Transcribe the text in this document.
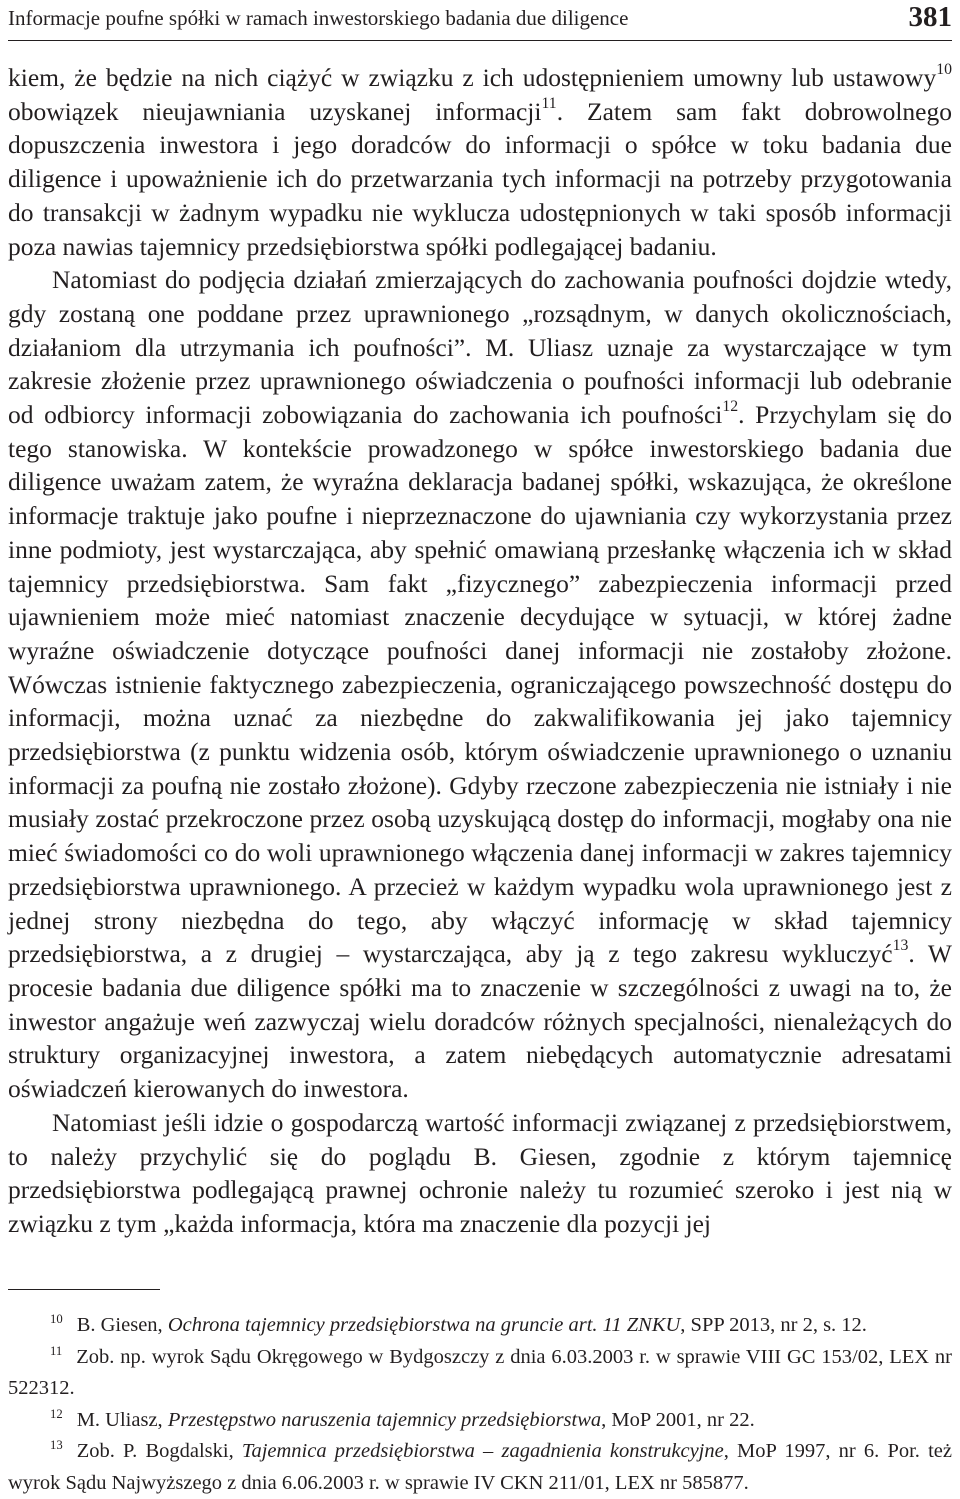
Informacje poufne spółki w ramach inwestorskiego badania due diligence	381

kiem, że będzie na nich ciążyć w związku z ich udostępnieniem umowny lub ustawowy$^{10}$ obowiązek nieujawniania uzyskanej informacji$^{11}$. Zatem sam fakt dobrowolnego dopuszczenia inwestora i jego doradców do informacji o spółce w toku badania due diligence i upoważnienie ich do przetwarzania tych informacji na potrzeby przygotowania do transakcji w żadnym wypadku nie wyklucza udostępnionych w taki sposób informacji poza nawias tajemnicy przedsiębiorstwa spółki podlegającej badaniu.

Natomiast do podjęcia działań zmierzających do zachowania poufności dojdzie wtedy, gdy zostaną one poddane przez uprawnionego „rozsądnym, w danych okolicznościach, działaniom dla utrzymania ich poufności”. M. Uliasz uznaje za wystarczające w tym zakresie złożenie przez uprawnionego oświadczenia o poufności informacji lub odebranie od odbiorcy informacji zobowiązania do zachowania ich poufności$^{12}$. Przychylam się do tego stanowiska. W kontekście prowadzonego w spółce inwestorskiego badania due diligence uważam zatem, że wyraźna deklaracja badanej spółki, wskazująca, że określone informacje traktuje jako poufne i nieprzeznaczone do ujawniania czy wykorzystania przez inne podmioty, jest wystarczająca, aby spełnić omawianą przesłankę włączenia ich w skład tajemnicy przedsiębiorstwa. Sam fakt „fizycznego” zabezpieczenia informacji przed ujawnieniem może mieć natomiast znaczenie decydujące w sytuacji, w której żadne wyraźne oświadczenie dotyczące poufności danej informacji nie zostałoby złożone. Wówczas istnienie faktycznego zabezpieczenia, ograniczającego powszechność dostępu do informacji, można uznać za niezbędne do zakwalifikowania jej jako tajemnicy przedsiębiorstwa (z punktu widzenia osób, którym oświadczenie uprawnionego o uznaniu informacji za poufną nie zostało złożone). Gdyby rzeczone zabezpieczenia nie istniały i nie musiały zostać przekroczone przez osobą uzyskującą dostęp do informacji, mogłaby ona nie mieć świadomości co do woli uprawnionego włączenia danej informacji w zakres tajemnicy przedsiębiorstwa uprawnionego. A przecież w każdym wypadku wola uprawnionego jest z jednej strony niezbędna do tego, aby włączyć informację w skład tajemnicy przedsiębiorstwa, a z drugiej – wystarczająca, aby ją z tego zakresu wykluczyć$^{13}$. W procesie badania due diligence spółki ma to znaczenie w szczególności z uwagi na to, że inwestor angażuje weń zazwyczaj wielu doradców różnych specjalności, nienależących do struktury organizacyjnej inwestora, a zatem niebędących automatycznie adresatami oświadczeń kierowanych do inwestora.

Natomiast jeśli idzie o gospodarczą wartość informacji związanej z przedsiębiorstwem, to należy przychylić się do poglądu B. Giesen, zgodnie z którym tajemnicę przedsiębiorstwa podlegającą prawnej ochronie należy tu rozumieć szeroko i jest nią w związku z tym „każda informacja, która ma znaczenie dla pozycji jej

$^{10}$ B. Giesen, Ochrona tajemnicy przedsiębiorstwa na gruncie art. 11 ZNKU, SPP 2013, nr 2, s. 12.

$^{11}$ Zob. np. wyrok Sądu Okręgowego w Bydgoszczy z dnia 6.03.2003 r. w sprawie VIII GC 153/02, LEX nr 522312.

$^{12}$ M. Uliasz, Przestępstwo naruszenia tajemnicy przedsiębiorstwa, MoP 2001, nr 22.

$^{13}$ Zob. P. Bogdalski, Tajemnica przedsiębiorstwa – zagadnienia konstrukcyjne, MoP 1997, nr 6. Por. też wyrok Sądu Najwyższego z dnia 6.06.2003 r. w sprawie IV CKN 211/01, LEX nr 585877.
